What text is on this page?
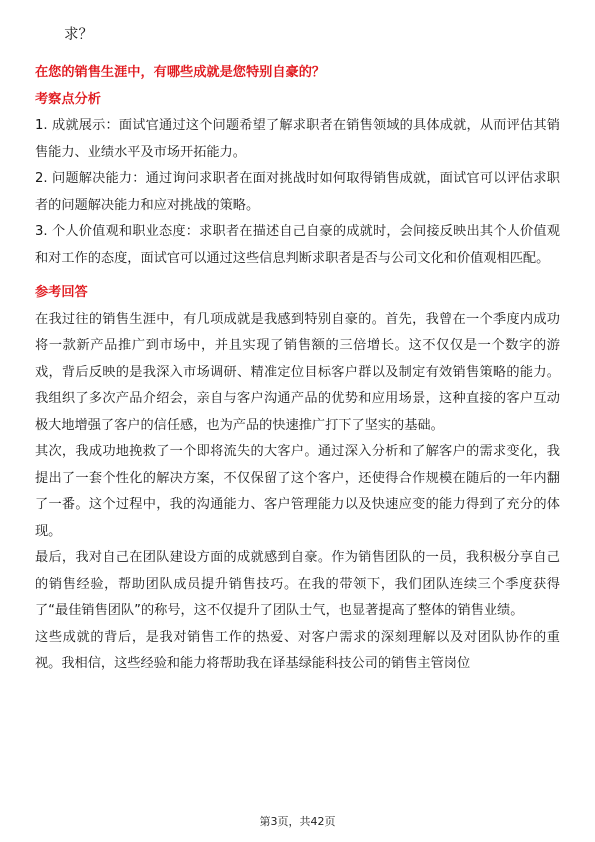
求？

在您的销售生涯中，有哪些成就是您特别自豪的？

考察点分析

1. 成就展示：面试官通过这个问题希望了解求职者在销售领域的具体成就，从而评估其销售能力、业绩水平及市场开拓能力。

2. 问题解决能力：通过询问求职者在面对挑战时如何取得销售成就，面试官可以评估求职者的问题解决能力和应对挑战的策略。

3. 个人价值观和职业态度：求职者在描述自己自豪的成就时，会间接反映出其个人价值观和对工作的态度，面试官可以通过这些信息判断求职者是否与公司文化和价值观相匹配。

参考回答

在我过往的销售生涯中，有几项成就是我感到特别自豪的。首先，我曾在一个季度内成功将一款新产品推广到市场中，并且实现了销售额的三倍增长。这不仅仅是一个数字的游戏，背后反映的是我深入市场调研、精准定位目标客户群以及制定有效销售策略的能力。我组织了多次产品介绍会，亲自与客户沟通产品的优势和应用场景，这种直接的客户互动极大地增强了客户的信任感，也为产品的快速推广打下了坚实的基础。

其次，我成功地挽救了一个即将流失的大客户。通过深入分析和了解客户的需求变化，我提出了一套个性化的解决方案，不仅保留了这个客户，还使得合作规模在随后的一年内翻了一番。这个过程中，我的沟通能力、客户管理能力以及快速应变的能力得到了充分的体现。

最后，我对自己在团队建设方面的成就感到自豪。作为销售团队的一员，我积极分享自己的销售经验，帮助团队成员提升销售技巧。在我的带领下，我们团队连续三个季度获得了“最佳销售团队”的称号，这不仅提升了团队士气，也显著提高了整体的销售业绩。

这些成就的背后，是我对销售工作的热爱、对客户需求的深刻理解以及对团队协作的重视。我相信，这些经验和能力将帮助我在译基绿能科技公司的销售主管岗位

第3页，共42页
